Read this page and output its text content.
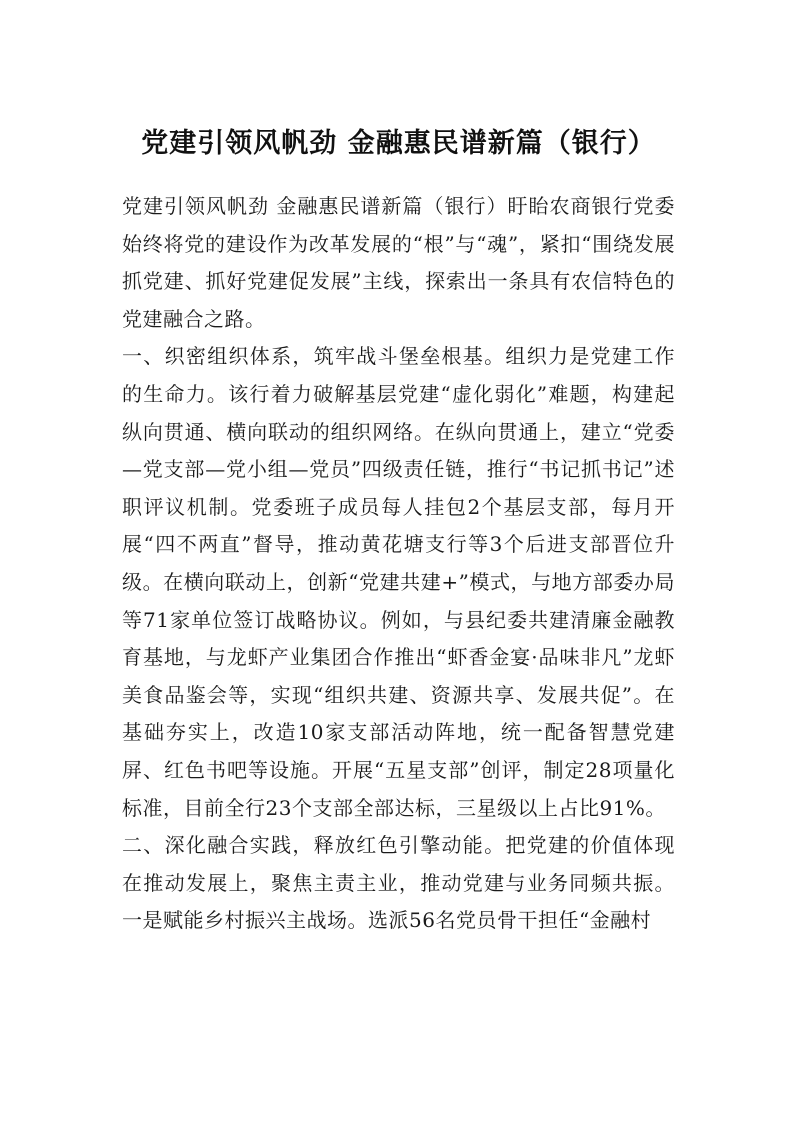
党建引领风帆劲 金融惠民谱新篇（银行）

党建引领风帆劲 金融惠民谱新篇（银行）盱眙农商银行党委始终将党的建设作为改革发展的“根”与“魂”，紧扣“围绕发展抓党建、抓好党建促发展”主线，探索出一条具有农信特色的党建融合之路。

一、织密组织体系，筑牢战斗堡垒根基。组织力是党建工作的生命力。该行着力破解基层党建“虚化弱化”难题，构建起纵向贯通、横向联动的组织网络。在纵向贯通上，建立“党委—党支部—党小组—党员”四级责任链，推行“书记抓书记”述职评议机制。党委班子成员每人挂包2个基层支部，每月开展“四不两直”督导，推动黄花塘支行等3个后进支部晋位升级。在横向联动上，创新“党建共建+”模式，与地方部委办局等71家单位签订战略协议。例如，与县纪委共建清廉金融教育基地，与龙虾产业集团合作推出“虾香金宴·品味非凡”龙虾美食品鉴会等，实现“组织共建、资源共享、发展共促”。在基础夯实上，改造10家支部活动阵地，统一配备智慧党建屏、红色书吧等设施。开展“五星支部”创评，制定28项量化标准，目前全行23个支部全部达标，三星级以上占比91%。

二、深化融合实践，释放红色引擎动能。把党建的价值体现在推动发展上，聚焦主责主业，推动党建与业务同频共振。一是赋能乡村振兴主战场。选派56名党员骨干担任“金融村
